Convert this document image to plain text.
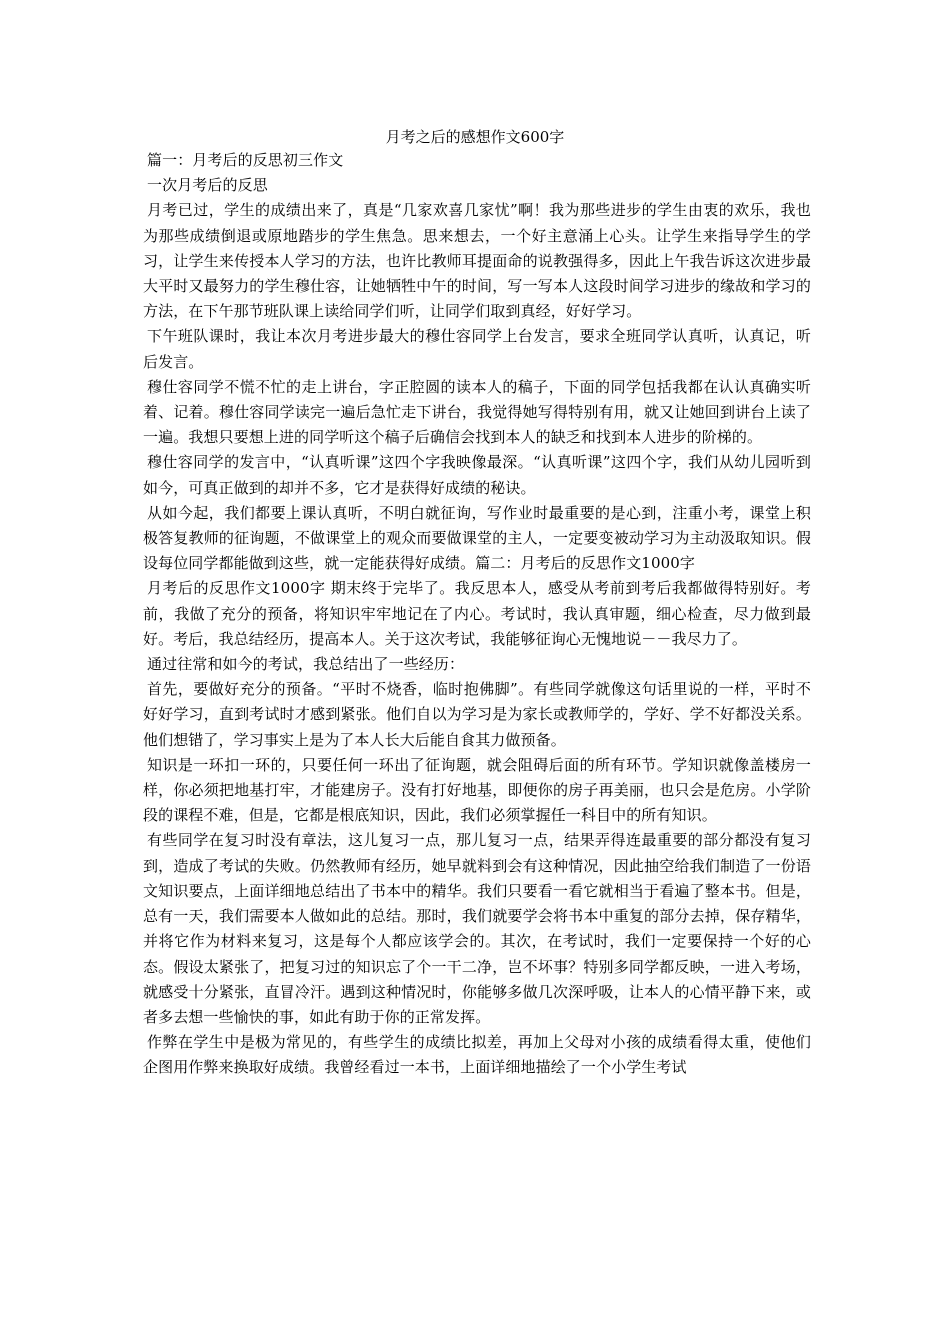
月考之后的感想作文600字

篇一：月考后的反思初三作文

一次月考后的反思

月考已过，学生的成绩出来了，真是“几家欢喜几家忧”啊！我为那些进步的学生由衷的欢乐，我也为那些成绩倒退或原地踏步的学生焦急。思来想去，一个好主意涌上心头。让学生来指导学生的学习，让学生来传授本人学习的方法，也许比教师耳提面命的说教强得多，因此上午我告诉这次进步最大平时又最努力的学生穆仕容，让她牺牲中午的时间，写一写本人这段时间学习进步的缘故和学习的方法，在下午那节班队课上读给同学们听，让同学们取到真经，好好学习。

下午班队课时，我让本次月考进步最大的穆仕容同学上台发言，要求全班同学认真听，认真记，听后发言。

穆仕容同学不慌不忙的走上讲台，字正腔圆的读本人的稿子，下面的同学包括我都在认认真确实听着、记着。穆仕容同学读完一遍后急忙走下讲台，我觉得她写得特别有用，就又让她回到讲台上读了一遍。我想只要想上进的同学听这个稿子后确信会找到本人的缺乏和找到本人进步的阶梯的。

穆仕容同学的发言中，“认真听课”这四个字我映像最深。“认真听课”这四个字，我们从幼儿园听到如今，可真正做到的却并不多，它才是获得好成绩的秘诀。

从如今起，我们都要上课认真听，不明白就征询，写作业时最重要的是心到，注重小考，课堂上积极答复教师的征询题，不做课堂上的观众而要做课堂的主人，一定要变被动学习为主动汲取知识。假设每位同学都能做到这些，就一定能获得好成绩。篇二：月考后的反思作文1000字

月考后的反思作文1000字 期末终于完毕了。我反思本人，感受从考前到考后我都做得特别好。考前，我做了充分的预备，将知识牢牢地记在了内心。考试时，我认真审题，细心检查，尽力做到最好。考后，我总结经历，提高本人。关于这次考试，我能够征询心无愧地说－－我尽力了。

通过往常和如今的考试，我总结出了一些经历：

首先，要做好充分的预备。“平时不烧香，临时抱佛脚”。有些同学就像这句话里说的一样，平时不好好学习，直到考试时才感到紧张。他们自以为学习是为家长或教师学的，学好、学不好都没关系。他们想错了，学习事实上是为了本人长大后能自食其力做预备。

知识是一环扣一环的，只要任何一环出了征询题，就会阻碍后面的所有环节。学知识就像盖楼房一样，你必须把地基打牢，才能建房子。没有打好地基，即便你的房子再美丽，也只会是危房。小学阶段的课程不难，但是，它都是根底知识，因此，我们必须掌握任一科目中的所有知识。

有些同学在复习时没有章法，这儿复习一点，那儿复习一点，结果弄得连最重要的部分都没有复习到，造成了考试的失败。仍然教师有经历，她早就料到会有这种情况，因此抽空给我们制造了一份语文知识要点，上面详细地总结出了书本中的精华。我们只要看一看它就相当于看遍了整本书。但是，总有一天，我们需要本人做如此的总结。那时，我们就要学会将书本中重复的部分去掉，保存精华，并将它作为材料来复习，这是每个人都应该学会的。其次，在考试时，我们一定要保持一个好的心态。假设太紧张了，把复习过的知识忘了个一干二净，岂不坏事？特别多同学都反映，一进入考场，就感受十分紧张，直冒冷汗。遇到这种情况时，你能够多做几次深呼吸，让本人的心情平静下来，或者多去想一些愉快的事，如此有助于你的正常发挥。

作弊在学生中是极为常见的，有些学生的成绩比拟差，再加上父母对小孩的成绩看得太重，使他们企图用作弊来换取好成绩。我曾经看过一本书，上面详细地描绘了一个小学生考试
